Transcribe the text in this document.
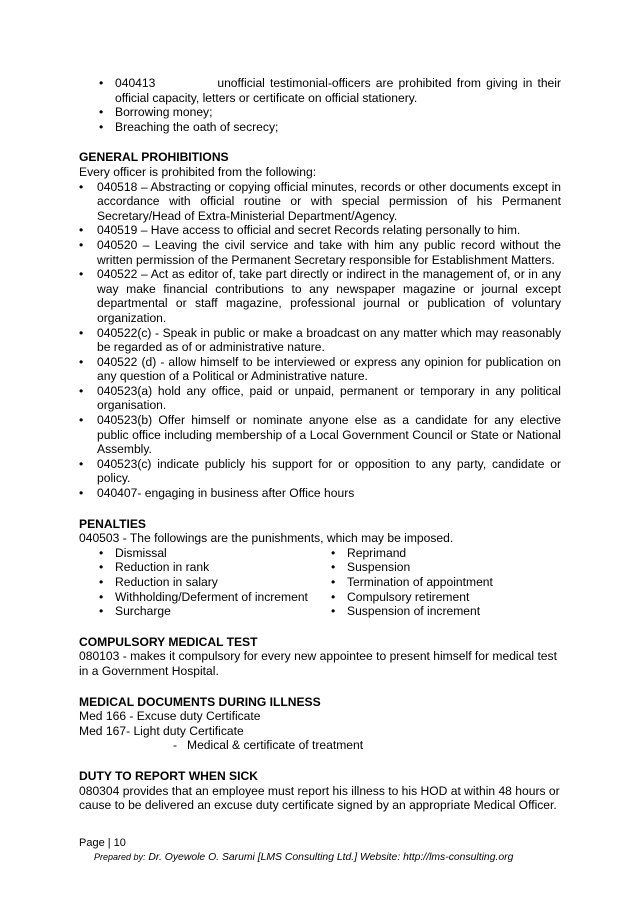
• 040413	unofficial testimonial-officers are prohibited from giving in their official capacity, letters or certificate on official stationery.
• Borrowing money;
• Breaching the oath of secrecy;
GENERAL PROHIBITIONS

Every officer is prohibited from the following:

• 040518 – Abstracting or copying official minutes, records or other documents except in accordance with official routine or with special permission of his Permanent Secretary/Head of Extra-Ministerial Department/Agency.
• 040519 – Have access to official and secret Records relating personally to him.
• 040520 – Leaving the civil service and take with him any public record without the written permission of the Permanent Secretary responsible for Establishment Matters.
• 040522 – Act as editor of, take part directly or indirect in the management of, or in any way make financial contributions to any newspaper magazine or journal except departmental or staff magazine, professional journal or publication of voluntary organization.
• 040522(c) - Speak in public or make a broadcast on any matter which may reasonably be regarded as of or administrative nature.
• 040522 (d) - allow himself to be interviewed or express any opinion for publication on any question of a Political or Administrative nature.
• 040523(a) hold any office, paid or unpaid, permanent or temporary in any political organisation.
• 040523(b) Offer himself or nominate anyone else as a candidate for any elective public office including membership of a Local Government Council or State or National Assembly.
• 040523(c) indicate publicly his support for or opposition to any party, candidate or policy.
• 040407- engaging in business after Office hours
PENALTIES

040503 - The followings are the punishments, which may be imposed.

• Dismissal
• Reduction in rank
• Reduction in salary
• Withholding/Deferment of increment
• Surcharge
• Reprimand
• Suspension
• Termination of appointment
• Compulsory retirement
• Suspension of increment
COMPULSORY MEDICAL TEST

080103 - makes it compulsory for every new appointee to present himself for medical test in a Government Hospital.

MEDICAL DOCUMENTS DURING ILLNESS

Med 166 - Excuse duty Certificate

Med 167- Light duty Certificate

- Medical & certificate of treatment

DUTY TO REPORT WHEN SICK

080304 provides that an employee must report his illness to his HOD at within 48 hours or cause to be delivered an excuse duty certificate signed by an appropriate Medical Officer.

Page | 10
Prepared by: Dr. Oyewole O. Sarumi [LMS Consulting Ltd.] Website: http://lms-consulting.org
